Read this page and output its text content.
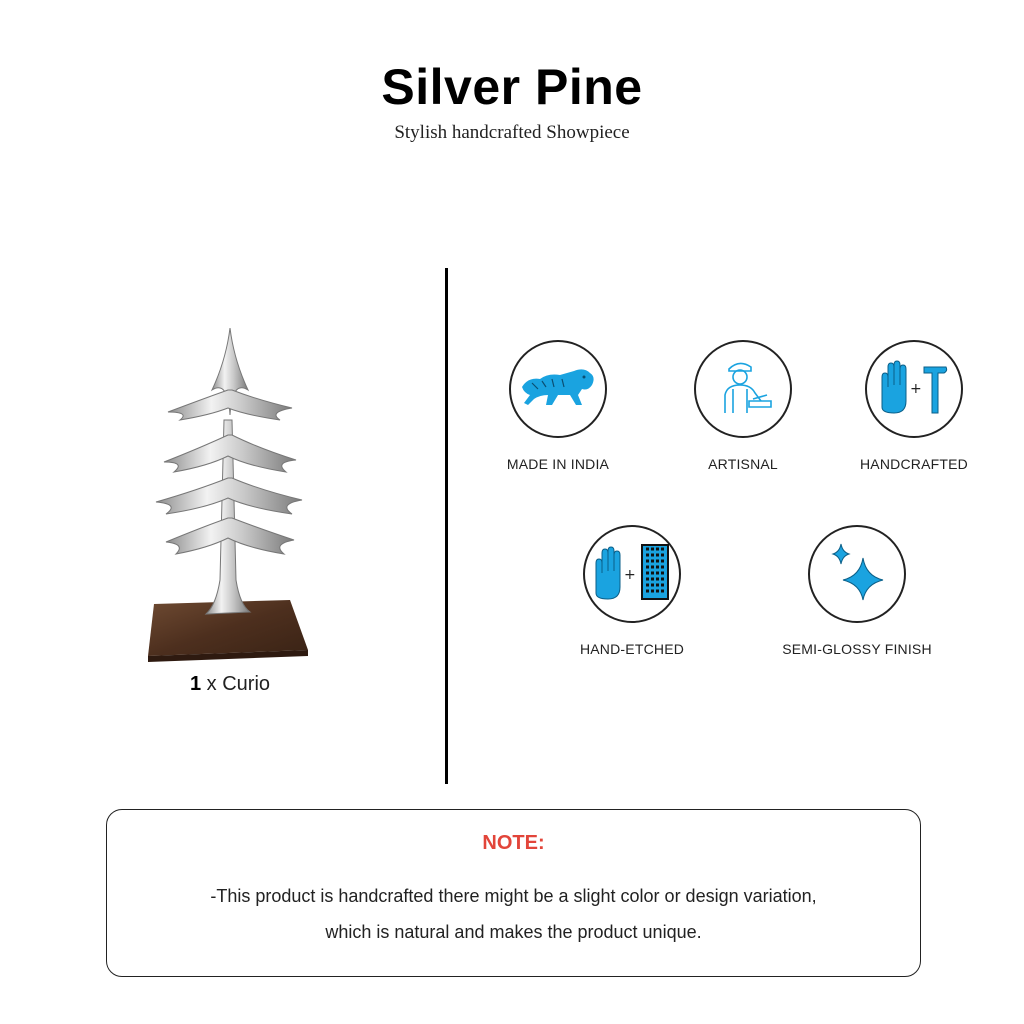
Silver Pine
Stylish handcrafted Showpiece
1 x Curio
MADE IN INDIA	ARTISNAL
+
HANDCRAFTED
+
HAND-ETCHED	SEMI-GLOSSY FINISH
NOTE:
-This product is handcrafted there might be a slight color or design variation,
which is natural and makes the product unique.
